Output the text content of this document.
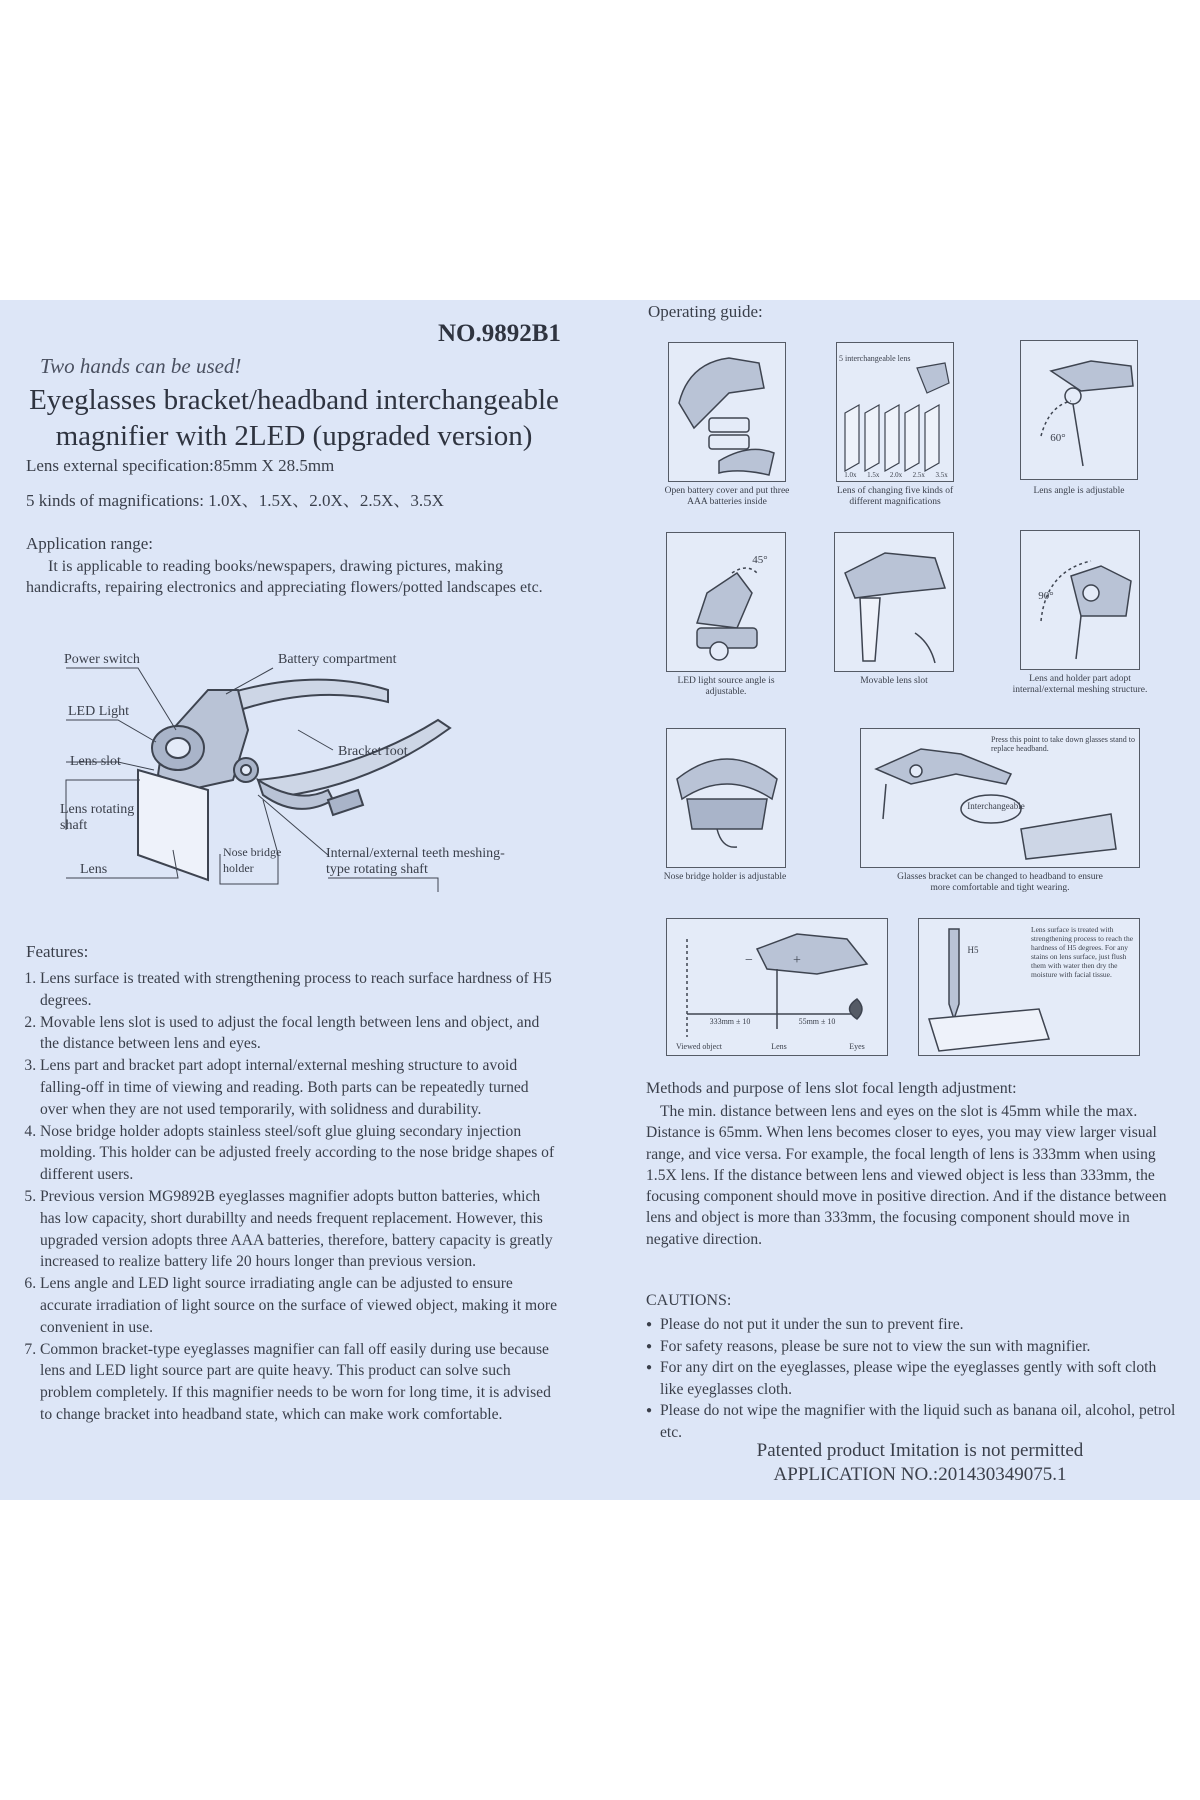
NO.9892B1
Two hands can be used!
Eyeglasses bracket/headband interchangeable
magnifier with 2LED (upgraded version)
Lens external specification:85mm X 28.5mm
5 kinds of magnifications: 1.0X、1.5X、2.0X、2.5X、3.5X
Application range:
It is applicable to reading books/newspapers, drawing pictures, making handicrafts, repairing electronics and appreciating flowers/potted landscapes etc.
Power switch	Battery compartment
LED Light
Bracket foot
Lens slot
Lens rotating shaft
Lens
Nose bridge holder
Internal/external teeth meshing-type rotating shaft
Features:
1. Lens surface is treated with strengthening process to reach surface hardness of H5 degrees.
2. Movable lens slot is used to adjust the focal length between lens and object, and the distance between lens and eyes.
3. Lens part and bracket part adopt internal/external meshing structure to avoid falling-off in time of viewing and reading. Both parts can be repeatedly turned over when they are not used temporarily, with solidness and durability.
4. Nose bridge holder adopts stainless steel/soft glue gluing secondary injection molding. This holder can be adjusted freely according to the nose bridge shapes of different users.
5. Previous version MG9892B eyeglasses magnifier adopts button batteries, which has low capacity, short durabillty and needs frequent replacement. However, this upgraded version adopts three AAA batteries, therefore, battery capacity is greatly increased to realize battery life 20 hours longer than previous version.
6. Lens angle and LED light source irradiating angle can be adjusted to ensure accurate irradiation of light source on the surface of viewed object, making it more convenient in use.
7. Common bracket-type eyeglasses magnifier can fall off easily during use because lens and LED light source part are quite heavy. This product can solve such problem completely. If this magnifier needs to be worn for long time, it is advised to change bracket into headband state, which can make work comfortable.
Operating guide:
Open battery cover and put three AAA batteries inside
5 interchangeable lens
1.0x 1.5x 2.0x 2.5x 3.5x
Lens of changing five kinds of different magnifications
60°
Lens angle is adjustable
45°
LED light source angle is adjustable.
Movable lens slot
90°
Lens and holder part adopt internal/external meshing structure.
Nose bridge holder is adjustable
Press this point to take down glasses stand to replace headband.
Interchangeable
Glasses bracket can be changed to headband to ensure more comfortable and tight wearing.
−	+
333mm ± 10	55mm ± 10
Viewed object	Lens	Eyes
H5
Lens surface is treated with strengthening process to reach the hardness of H5 degrees. For any stains on lens surface, just flush them with water then dry the moisture with facial tissue.
Methods and purpose of lens slot focal length adjustment:
The min. distance between lens and eyes on the slot is 45mm while the max. Distance is 65mm. When lens becomes closer to eyes, you may view larger visual range, and vice versa. For example, the focal length of lens is 333mm when using 1.5X lens. If the distance between lens and viewed object is less than 333mm, the focusing component should move in positive direction. And if the distance between lens and object is more than 333mm, the focusing component should move in negative direction.
CAUTIONS:
● Please do not put it under the sun to prevent fire.
● For safety reasons, please be sure not to view the sun with magnifier.
● For any dirt on the eyeglasses, please wipe the eyeglasses gently with soft cloth like eyeglasses cloth.
● Please do not wipe the magnifier with the liquid such as banana oil, alcohol, petrol etc.
Patented product Imitation is not permitted
APPLICATION NO.:201430349075.1
